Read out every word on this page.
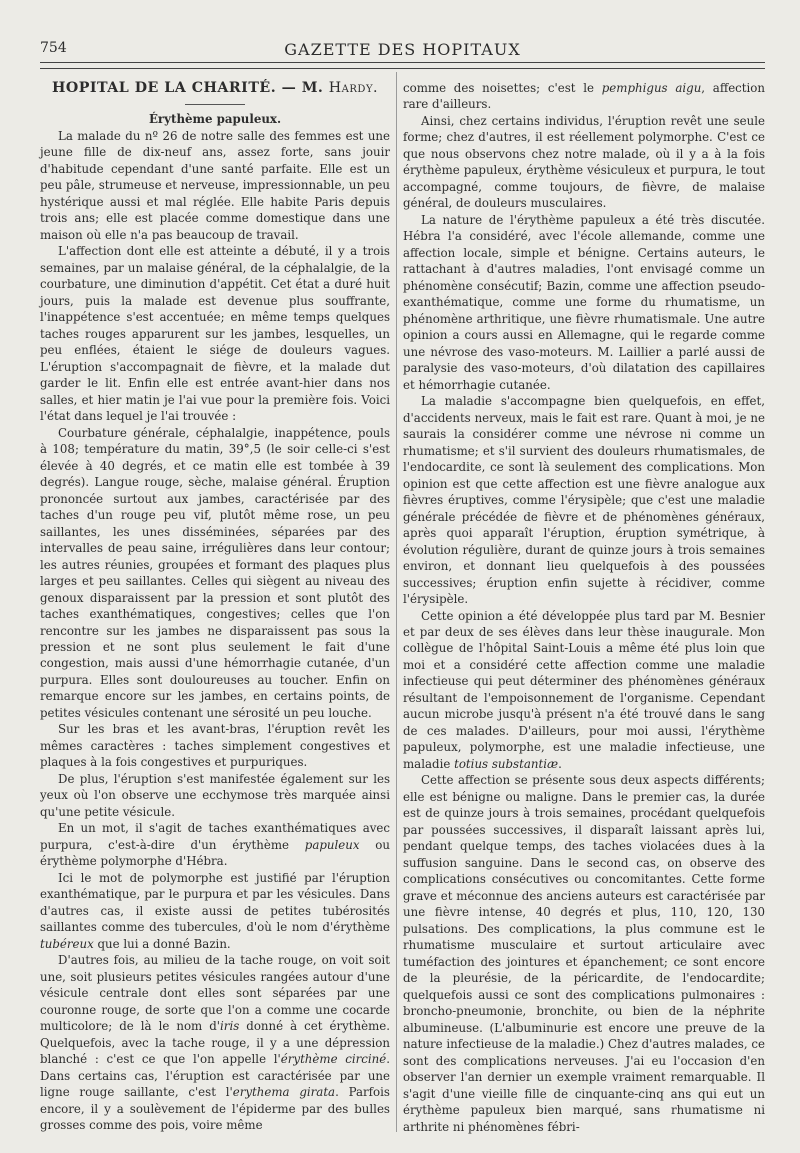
754	GAZETTE DES HOPITAUX

HOPITAL DE LA CHARITÉ. — M. Hardy.

Érythème papuleux.

La malade du nº 26 de notre salle des femmes est une jeune fille de dix-neuf ans, assez forte, sans jouir d'habitude cependant d'une santé parfaite. Elle est un peu pâle, strumeuse et nerveuse, impressionnable, un peu hystérique aussi et mal réglée. Elle habite Paris depuis trois ans; elle est placée comme domestique dans une maison où elle n'a pas beaucoup de travail.

L'affection dont elle est atteinte a débuté, il y a trois semaines, par un malaise général, de la céphalalgie, de la courbature, une diminution d'appétit. Cet état a duré huit jours, puis la malade est devenue plus souffrante, l'inappétence s'est accentuée; en même temps quelques taches rouges apparurent sur les jambes, lesquelles, un peu enflées, étaient le siége de douleurs vagues. L'éruption s'accompagnait de fièvre, et la malade dut garder le lit. Enfin elle est entrée avant-hier dans nos salles, et hier matin je l'ai vue pour la première fois. Voici l'état dans lequel je l'ai trouvée :

Courbature générale, céphalalgie, inappétence, pouls à 108; température du matin, 39°,5 (le soir celle-ci s'est élevée à 40 degrés, et ce matin elle est tombée à 39 degrés). Langue rouge, sèche, malaise général. Éruption prononcée surtout aux jambes, caractérisée par des taches d'un rouge peu vif, plutôt même rose, un peu saillantes, les unes disséminées, séparées par des intervalles de peau saine, irrégulières dans leur contour; les autres réunies, groupées et formant des plaques plus larges et peu saillantes. Celles qui siègent au niveau des genoux disparaissent par la pression et sont plutôt des taches exanthématiques, congestives; celles que l'on rencontre sur les jambes ne disparaissent pas sous la pression et ne sont plus seulement le fait d'une congestion, mais aussi d'une hémorrhagie cutanée, d'un purpura. Elles sont douloureuses au toucher. Enfin on remarque encore sur les jambes, en certains points, de petites vésicules contenant une sérosité un peu louche.

Sur les bras et les avant-bras, l'éruption revêt les mêmes caractères : taches simplement congestives et plaques à la fois congestives et purpuriques.

De plus, l'éruption s'est manifestée également sur les yeux où l'on observe une ecchymose très marquée ainsi qu'une petite vésicule.

En un mot, il s'agit de taches exanthématiques avec purpura, c'est-à-dire d'un érythème papuleux ou érythème polymorphe d'Hébra.

Ici le mot de polymorphe est justifié par l'éruption exanthématique, par le purpura et par les vésicules. Dans d'autres cas, il existe aussi de petites tubérosités saillantes comme des tubercules, d'où le nom d'érythème tubéreux que lui a donné Bazin.

D'autres fois, au milieu de la tache rouge, on voit soit une, soit plusieurs petites vésicules rangées autour d'une vésicule centrale dont elles sont séparées par une couronne rouge, de sorte que l'on a comme une cocarde multicolore; de là le nom d'iris donné à cet érythème. Quelquefois, avec la tache rouge, il y a une dépression blanché : c'est ce que l'on appelle l'érythème circiné. Dans certains cas, l'éruption est caractérisée par une ligne rouge saillante, c'est l'erythema girata. Parfois encore, il y a soulèvement de l'épiderme par des bulles grosses comme des pois, voire même

comme des noisettes; c'est le pemphigus aigu, affection rare d'ailleurs.

Ainsi, chez certains individus, l'éruption revêt une seule forme; chez d'autres, il est réellement polymorphe. C'est ce que nous observons chez notre malade, où il y a à la fois érythème papuleux, érythème vésiculeux et purpura, le tout accompagné, comme toujours, de fièvre, de malaise général, de douleurs musculaires.

La nature de l'érythème papuleux a été très discutée. Hébra l'a considéré, avec l'école allemande, comme une affection locale, simple et bénigne. Certains auteurs, le rattachant à d'autres maladies, l'ont envisagé comme un phénomène consécutif; Bazin, comme une affection pseudo-exanthématique, comme une forme du rhumatisme, un phénomène arthritique, une fièvre rhumatismale. Une autre opinion a cours aussi en Allemagne, qui le regarde comme une névrose des vaso-moteurs. M. Laillier a parlé aussi de paralysie des vaso-moteurs, d'où dilatation des capillaires et hémorrhagie cutanée.

La maladie s'accompagne bien quelquefois, en effet, d'accidents nerveux, mais le fait est rare. Quant à moi, je ne saurais la considérer comme une névrose ni comme un rhumatisme; et s'il survient des douleurs rhumatismales, de l'endocardite, ce sont là seulement des complications. Mon opinion est que cette affection est une fièvre analogue aux fièvres éruptives, comme l'érysipèle; que c'est une maladie générale précédée de fièvre et de phénomènes généraux, après quoi apparaît l'éruption, éruption symétrique, à évolution régulière, durant de quinze jours à trois semaines environ, et donnant lieu quelquefois à des poussées successives; éruption enfin sujette à récidiver, comme l'érysipèle.

Cette opinion a été développée plus tard par M. Besnier et par deux de ses élèves dans leur thèse inaugurale. Mon collègue de l'hôpital Saint-Louis a même été plus loin que moi et a considéré cette affection comme une maladie infectieuse qui peut déterminer des phénomènes généraux résultant de l'empoisonnement de l'organisme. Cependant aucun microbe jusqu'à présent n'a été trouvé dans le sang de ces malades. D'ailleurs, pour moi aussi, l'érythème papuleux, polymorphe, est une maladie infectieuse, une maladie totius substantiæ.

Cette affection se présente sous deux aspects différents; elle est bénigne ou maligne. Dans le premier cas, la durée est de quinze jours à trois semaines, procédant quelquefois par poussées successives, il disparaît laissant après lui, pendant quelque temps, des taches violacées dues à la suffusion sanguine. Dans le second cas, on observe des complications consécutives ou concomitantes. Cette forme grave et méconnue des anciens auteurs est caractérisée par une fièvre intense, 40 degrés et plus, 110, 120, 130 pulsations. Des complications, la plus commune est le rhumatisme musculaire et surtout articulaire avec tuméfaction des jointures et épanchement; ce sont encore de la pleurésie, de la péricardite, de l'endocardite; quelquefois aussi ce sont des complications pulmonaires : broncho-pneumonie, bronchite, ou bien de la néphrite albumineuse. (L'albuminurie est encore une preuve de la nature infectieuse de la maladie.) Chez d'autres malades, ce sont des complications nerveuses. J'ai eu l'occasion d'en observer l'an dernier un exemple vraiment remarquable. Il s'agit d'une vieille fille de cinquante-cinq ans qui eut un érythème papuleux bien marqué, sans rhumatisme ni arthrite ni phénomènes fébri-
